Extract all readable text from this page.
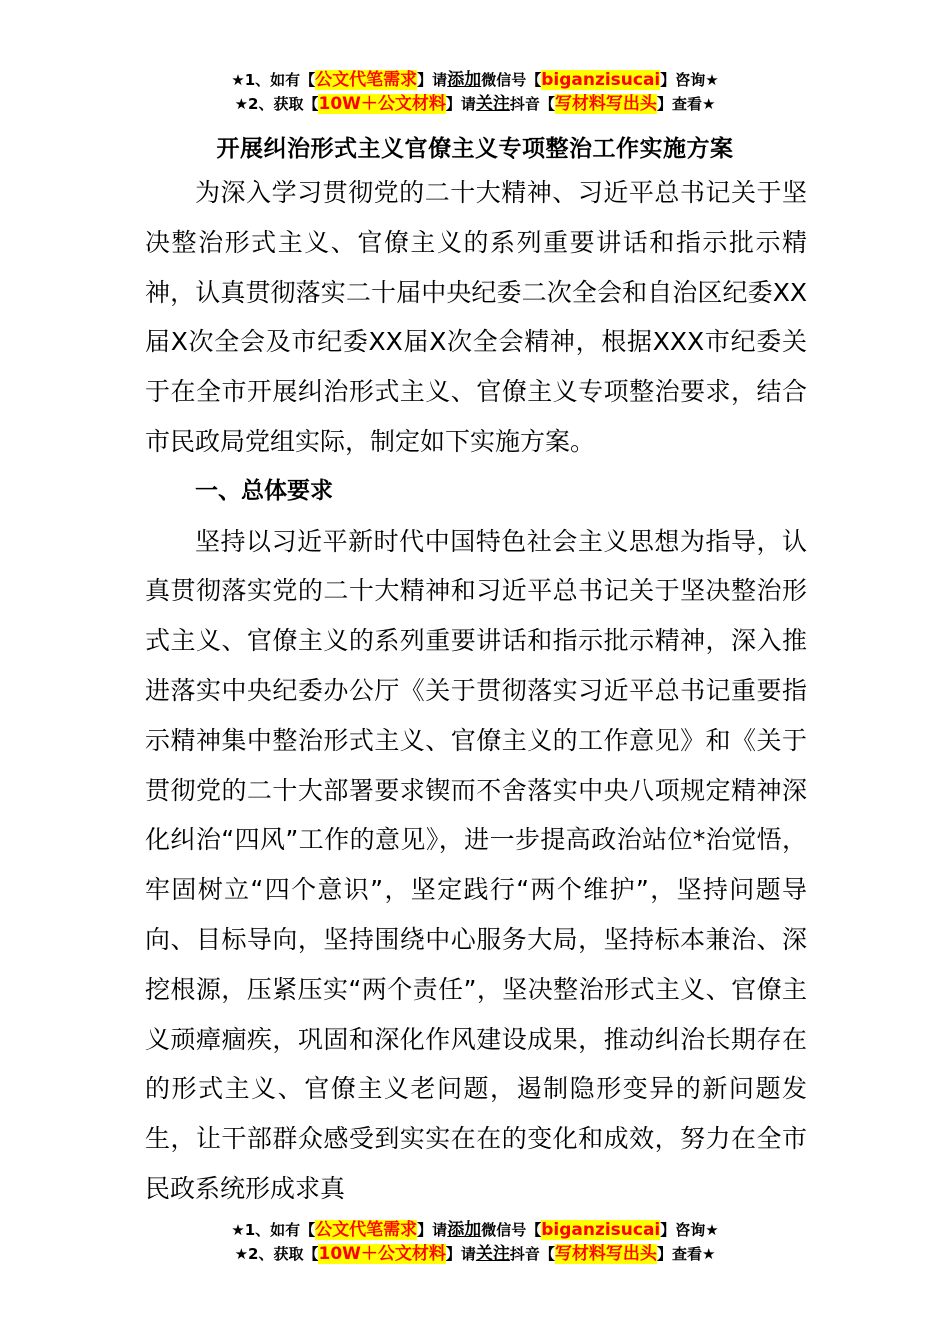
★1、如有【公文代笔需求】请添加微信号【biganzisucai】咨询★
★2、获取【10W＋公文材料】请关注抖音【写材料写出头】查看★
开展纠治形式主义官僚主义专项整治工作实施方案

为深入学习贯彻党的二十大精神、习近平总书记关于坚决整治形式主义、官僚主义的系列重要讲话和指示批示精神，认真贯彻落实二十届中央纪委二次全会和自治区纪委XX届X次全会及市纪委XX届X次全会精神，根据XXX市纪委关于在全市开展纠治形式主义、官僚主义专项整治要求，结合市民政局党组实际，制定如下实施方案。

一、总体要求

坚持以习近平新时代中国特色社会主义思想为指导，认真贯彻落实党的二十大精神和习近平总书记关于坚决整治形式主义、官僚主义的系列重要讲话和指示批示精神，深入推进落实中央纪委办公厅《关于贯彻落实习近平总书记重要指示精神集中整治形式主义、官僚主义的工作意见》和《关于贯彻党的二十大部署要求锲而不舍落实中央八项规定精神深化纠治“四风”工作的意见》，进一步提高政治站位*治觉悟，牢固树立“四个意识”，坚定践行“两个维护”，坚持问题导向、目标导向，坚持围绕中心服务大局，坚持标本兼治、深挖根源，压紧压实“两个责任”，坚决整治形式主义、官僚主义顽瘴痼疾，巩固和深化作风建设成果，推动纠治长期存在的形式主义、官僚主义老问题，遏制隐形变异的新问题发生，让干部群众感受到实实在在的变化和成效，努力在全市民政系统形成求真

★1、如有【公文代笔需求】请添加微信号【biganzisucai】咨询★
★2、获取【10W＋公文材料】请关注抖音【写材料写出头】查看★
